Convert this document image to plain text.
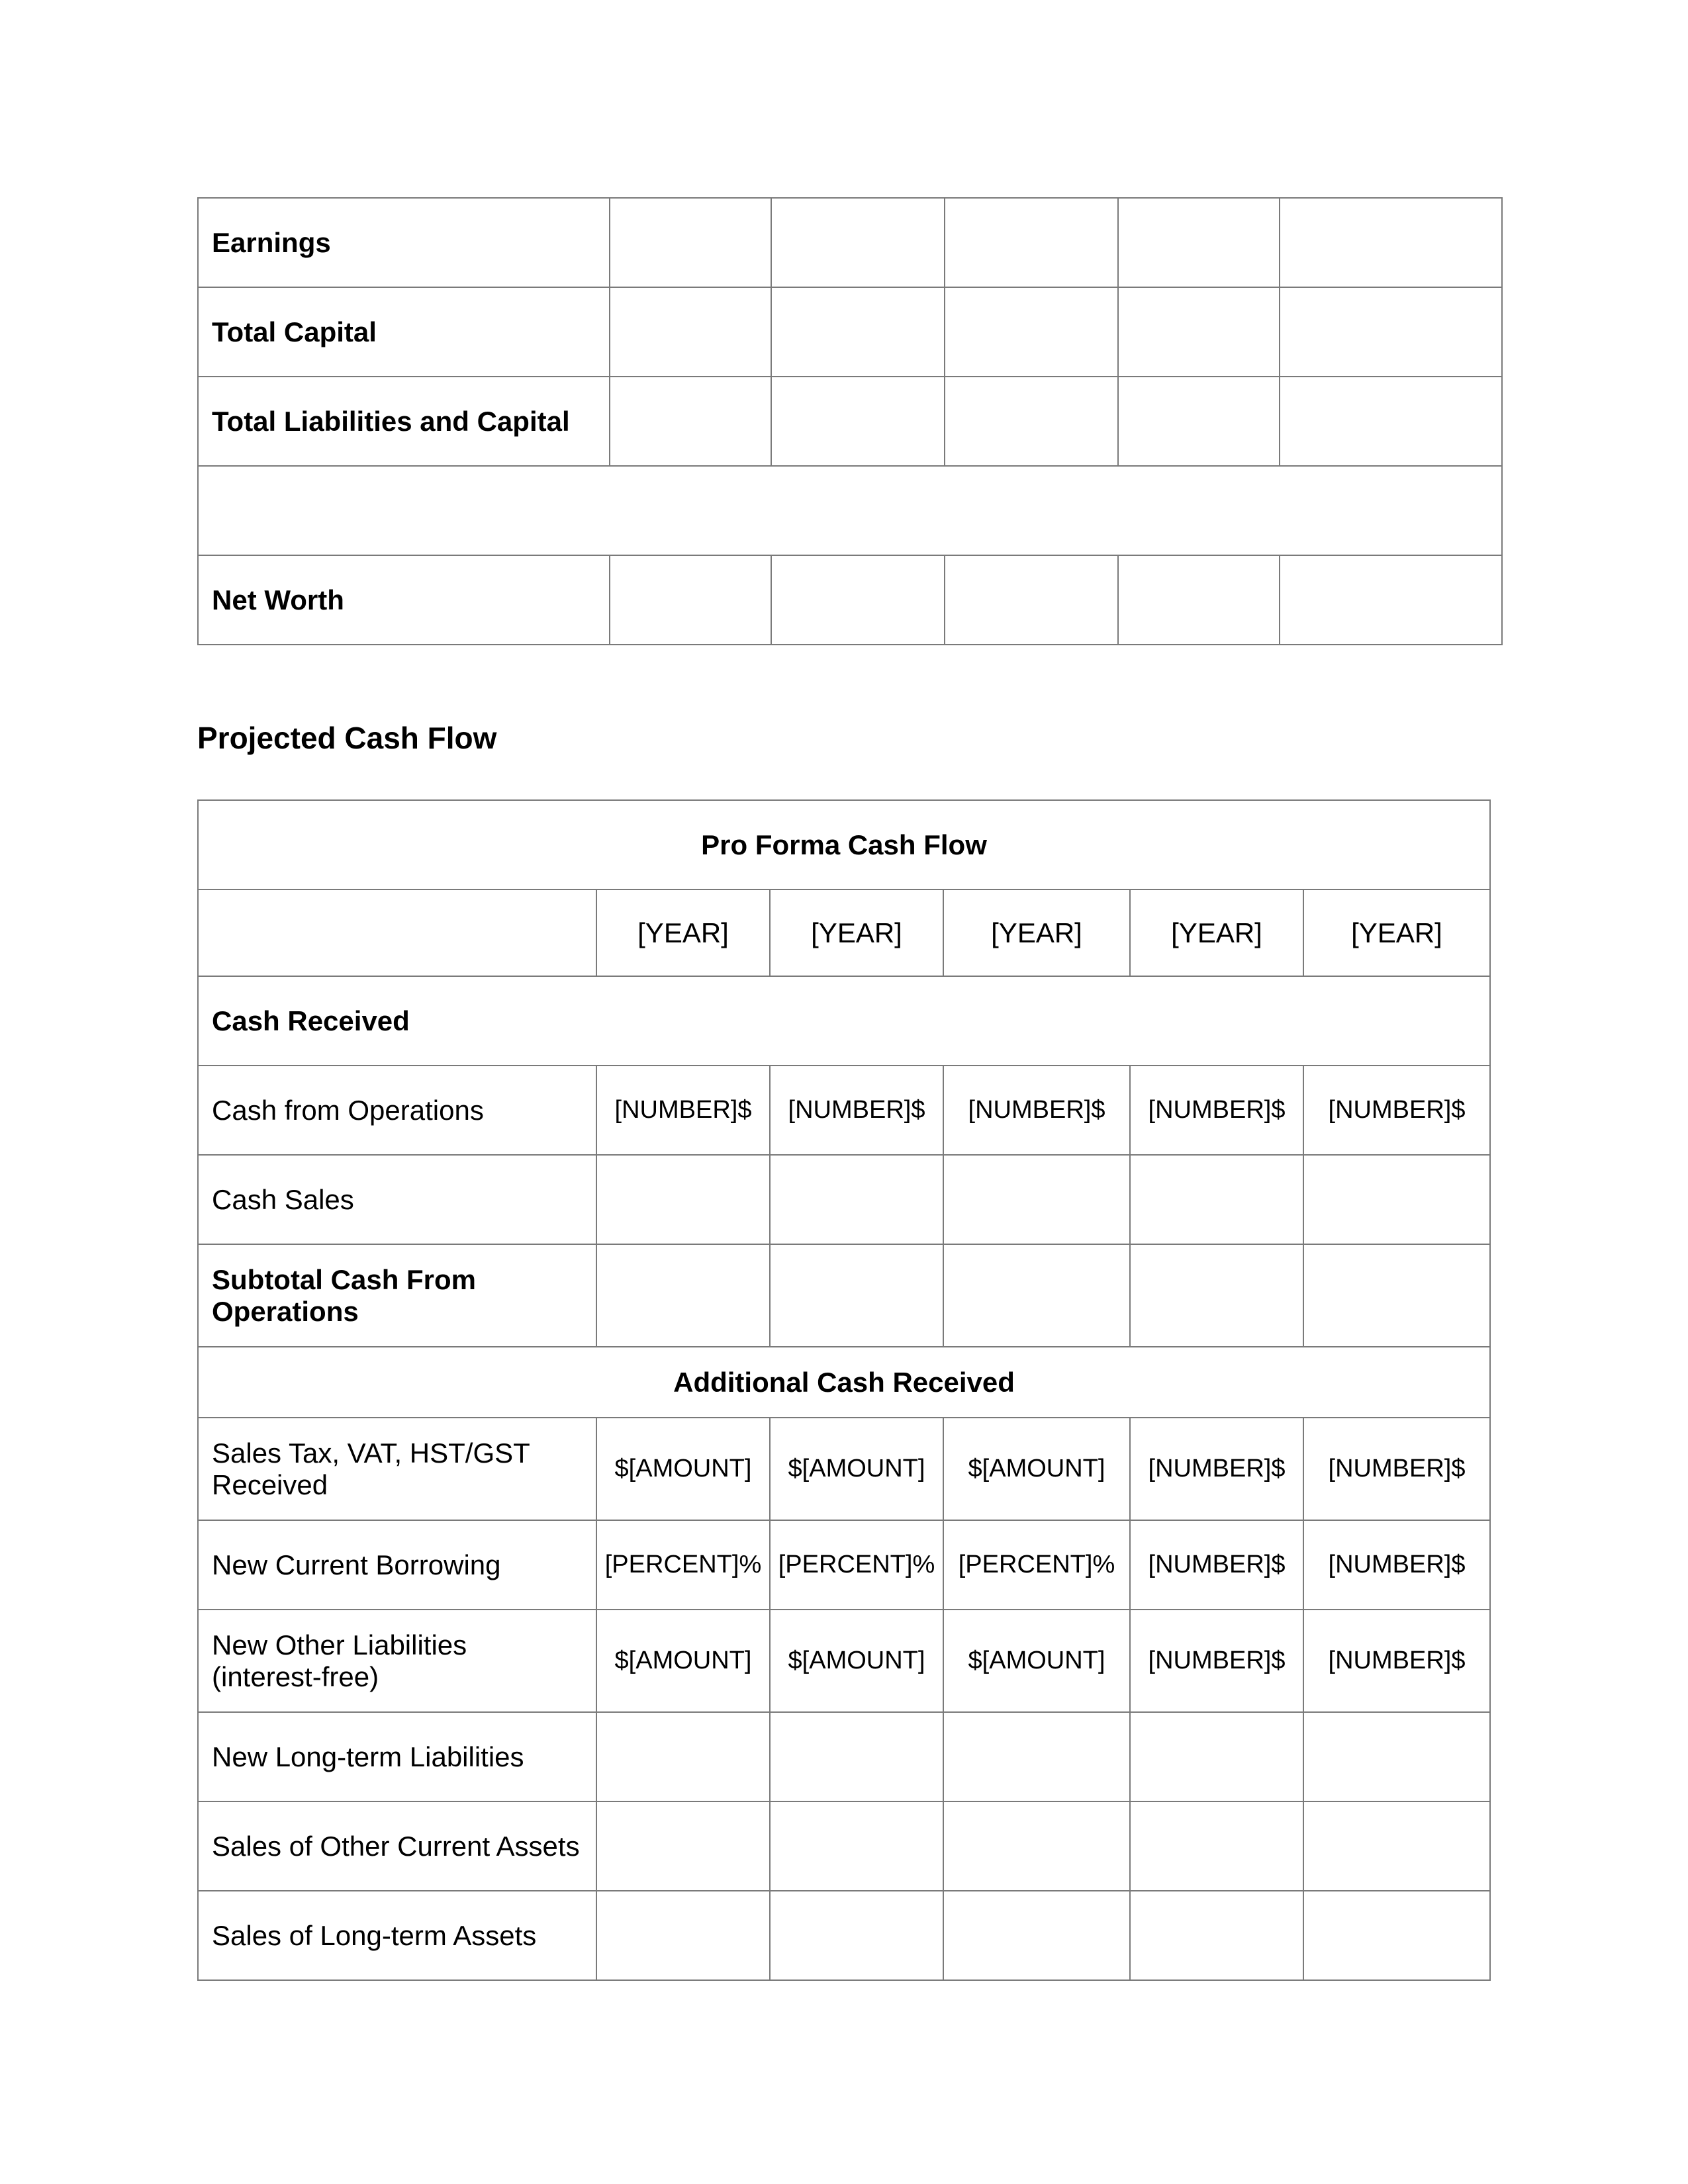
Earnings					
Total Capital					
Total Liabilities and Capital					

Net Worth					
Projected Cash Flow
Pro Forma Cash Flow					
	[YEAR]	[YEAR]	[YEAR]	[YEAR]	[YEAR]
Cash Received					
Cash from Operations	[NUMBER]$	[NUMBER]$	[NUMBER]$	[NUMBER]$	[NUMBER]$
Cash Sales					
Subtotal Cash From Operations					
Additional Cash Received					
Sales Tax, VAT, HST/GST Received	$[AMOUNT]	$[AMOUNT]	$[AMOUNT]	[NUMBER]$	[NUMBER]$
New Current Borrowing	[PERCENT]%	[PERCENT]%	[PERCENT]%	[NUMBER]$	[NUMBER]$
New Other Liabilities (interest-free)	$[AMOUNT]	$[AMOUNT]	$[AMOUNT]	[NUMBER]$	[NUMBER]$
New Long-term Liabilities					
Sales of Other Current Assets					
Sales of Long-term Assets					
